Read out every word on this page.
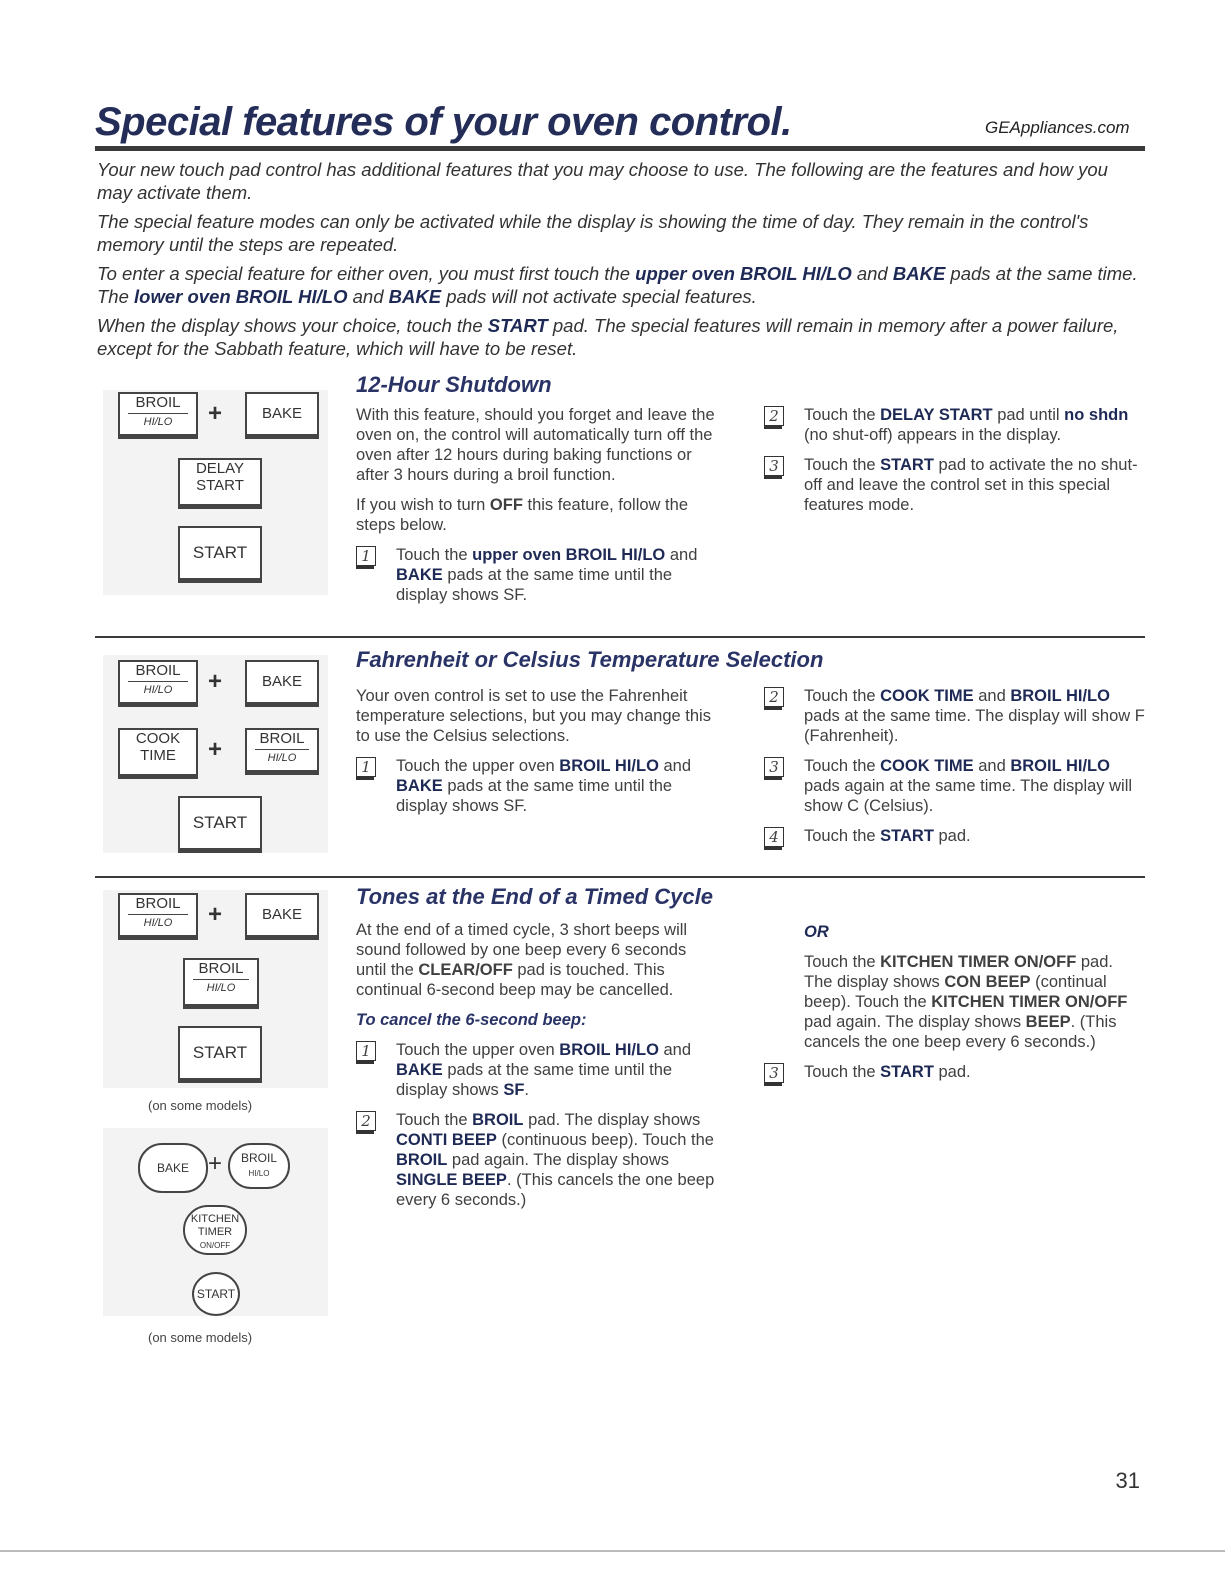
Special features of your oven control.	GEAppliances.com

Your new touch pad control has additional features that you may choose to use. The following are the features and how you may activate them.

The special feature modes can only be activated while the display is showing the time of day. They remain in the control's memory until the steps are repeated.

To enter a special feature for either oven, you must first touch the upper oven BROIL HI/LO and BAKE pads at the same time. The lower oven BROIL HI/LO and BAKE pads will not activate special features.

When the display shows your choice, touch the START pad. The special features will remain in memory after a power failure, except for the Sabbath feature, which will have to be reset.

BROIL
HI/LO	+	BAKE
DELAY
START
START
12-Hour Shutdown

With this feature, should you forget and leave the oven on, the control will automatically turn off the oven after 12 hours during baking functions or after 3 hours during a broil function.

If you wish to turn OFF this feature, follow the steps below.

1	Touch the upper oven BROIL HI/LO and BAKE pads at the same time until the display shows SF.
2	Touch the DELAY START pad until no shdn (no shut-off) appears in the display.
3	Touch the START pad to activate the no shut-off and leave the control set in this special features mode.
BROIL
HI/LO	+	BAKE
COOK
TIME	+	BROIL
HI/LO
START
Fahrenheit or Celsius Temperature Selection

Your oven control is set to use the Fahrenheit temperature selections, but you may change this to use the Celsius selections.

1	Touch the upper oven BROIL HI/LO and BAKE pads at the same time until the display shows SF.
2	Touch the COOK TIME and BROIL HI/LO pads at the same time. The display will show F (Fahrenheit).
3	Touch the COOK TIME and BROIL HI/LO pads again at the same time. The display will show C (Celsius).
4	Touch the START pad.
BROIL
HI/LO	+	BAKE
BROIL
HI/LO
START
(on some models)
BAKE +	BROIL
HI/LO
KITCHEN
TIMER
ON/OFF
START
(on some models)
Tones at the End of a Timed Cycle

At the end of a timed cycle, 3 short beeps will sound followed by one beep every 6 seconds until the CLEAR/OFF pad is touched. This continual 6-second beep may be cancelled.

To cancel the 6-second beep:

1	Touch the upper oven BROIL HI/LO and BAKE pads at the same time until the display shows SF.
2	Touch the BROIL pad. The display shows CONTI BEEP (continuous beep). Touch the BROIL pad again. The display shows SINGLE BEEP. (This cancels the one beep every 6 seconds.)

OR

Touch the KITCHEN TIMER ON/OFF pad. The display shows CON BEEP (continual beep). Touch the KITCHEN TIMER ON/OFF pad again. The display shows BEEP. (This cancels the one beep every 6 seconds.)

3	Touch the START pad.
31
